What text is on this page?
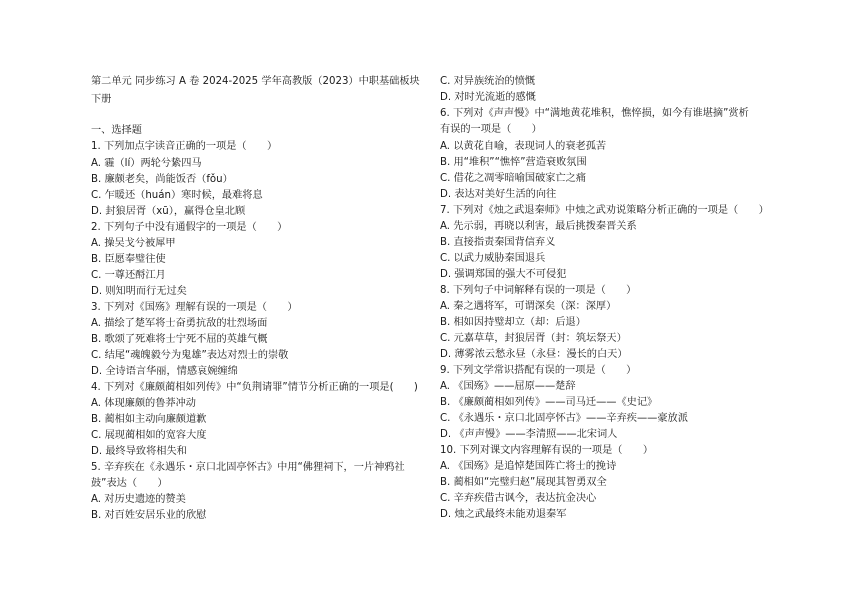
第二单元 同步练习 A 卷 2024-2025 学年高教版（2023）中职基础板块
下册
一、选择题
1. 下列加点字读音正确的一项是（　　）
A. 霾（lí）两轮兮絷四马
B. 廉颇老矣，尚能饭否（fǒu）
C. 乍暖还（huán）寒时候，最难将息
D. 封狼居胥（xū），赢得仓皇北顾
2. 下列句子中没有通假字的一项是（　　）
A. 操吴戈兮被犀甲
B. 臣愿奉璧往使
C. 一尊还酹江月
D. 则知明而行无过矣
3. 下列对《国殇》理解有误的一项是（　　）
A. 描绘了楚军将士奋勇抗敌的壮烈场面
B. 歌颂了死难将士宁死不屈的英雄气概
C. 结尾“魂魄毅兮为鬼雄”表达对烈士的崇敬
D. 全诗语言华丽，情感哀婉缠绵
4. 下列对《廉颇蔺相如列传》中“负荆请罪”情节分析正确的一项是(　　)
A. 体现廉颇的鲁莽冲动
B. 蔺相如主动向廉颇道歉
C. 展现蔺相如的宽容大度
D. 最终导致将相失和
5. 辛弃疾在《永遇乐・京口北固亭怀古》中用“佛狸祠下，一片神鸦社
鼓”表达（　　）
A. 对历史遗迹的赞美
B. 对百姓安居乐业的欣慰
C. 对异族统治的愤慨
D. 对时光流逝的感慨
6. 下列对《声声慢》中“满地黄花堆积，憔悴损，如今有谁堪摘”赏析
有误的一项是（　　）
A. 以黄花自喻，表现词人的衰老孤苦
B. 用“堆积”“憔悴”营造衰败氛围
C. 借花之凋零暗喻国破家亡之痛
D. 表达对美好生活的向往
7. 下列对《烛之武退秦师》中烛之武劝说策略分析正确的一项是（　　）
A. 先示弱，再晓以利害，最后挑拨秦晋关系
B. 直接指责秦国背信弃义
C. 以武力威胁秦国退兵
D. 强调郑国的强大不可侵犯
8. 下列句子中词解释有误的一项是（　　）
A. 秦之遇将军，可谓深矣（深：深厚）
B. 相如因持璧却立（却：后退）
C. 元嘉草草，封狼居胥（封：筑坛祭天）
D. 薄雾浓云愁永昼（永昼：漫长的白天）
9. 下列文学常识搭配有误的一项是（　　）
A. 《国殇》——屈原——楚辞
B. 《廉颇蔺相如列传》——司马迁——《史记》
C. 《永遇乐・京口北固亭怀古》——辛弃疾——豪放派
D. 《声声慢》——李清照——北宋词人
10. 下列对课文内容理解有误的一项是（　　）
A. 《国殇》是追悼楚国阵亡将士的挽诗
B. 蔺相如“完璧归赵”展现其智勇双全
C. 辛弃疾借古讽今，表达抗金决心
D. 烛之武最终未能劝退秦军
